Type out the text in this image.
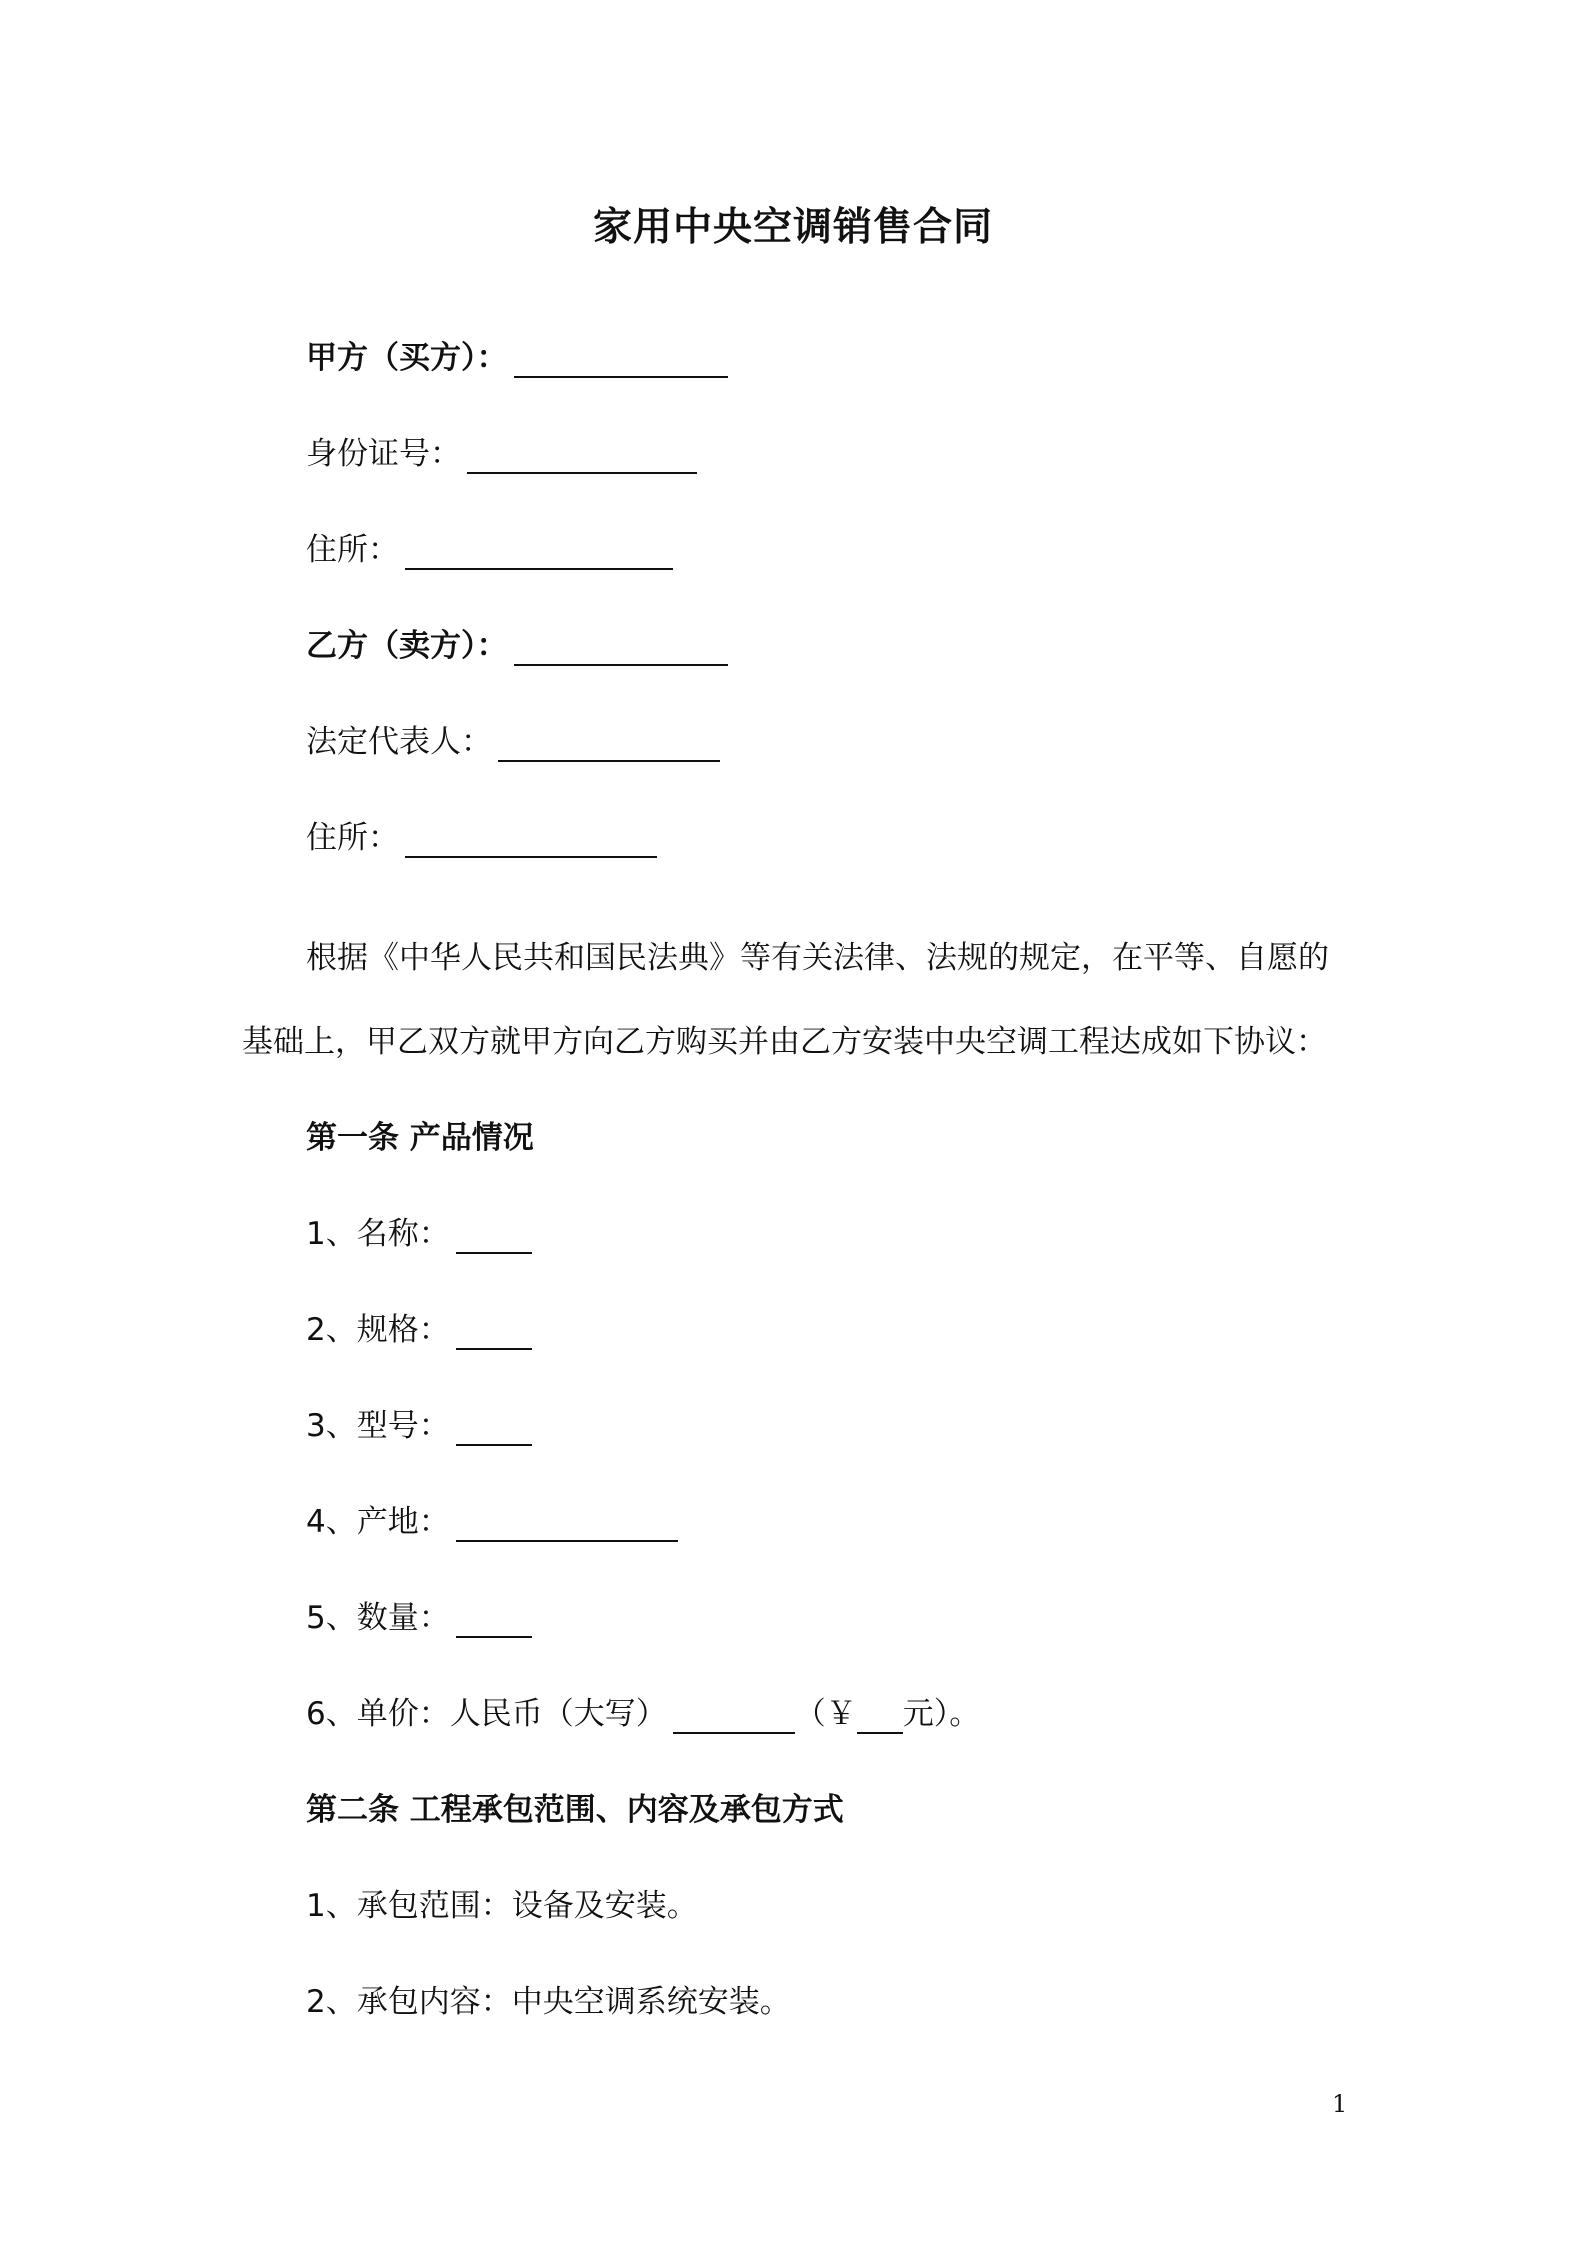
家用中央空调销售合同
甲方（买方）：
身份证号：
住所：
乙方（卖方）：
法定代表人：
住所：
根据《中华人民共和国民法典》等有关法律、法规的规定，在平等、自愿的
基础上，甲乙双方就甲方向乙方购买并由乙方安装中央空调工程达成如下协议：
第一条 产品情况
1、名称：
2、规格：
3、型号：
4、产地：
5、数量：
6、单价：人民币（大写）	（￥ 元）。
第二条 工程承包范围、内容及承包方式
1、承包范围：设备及安装。
2、承包内容：中央空调系统安装。
1
